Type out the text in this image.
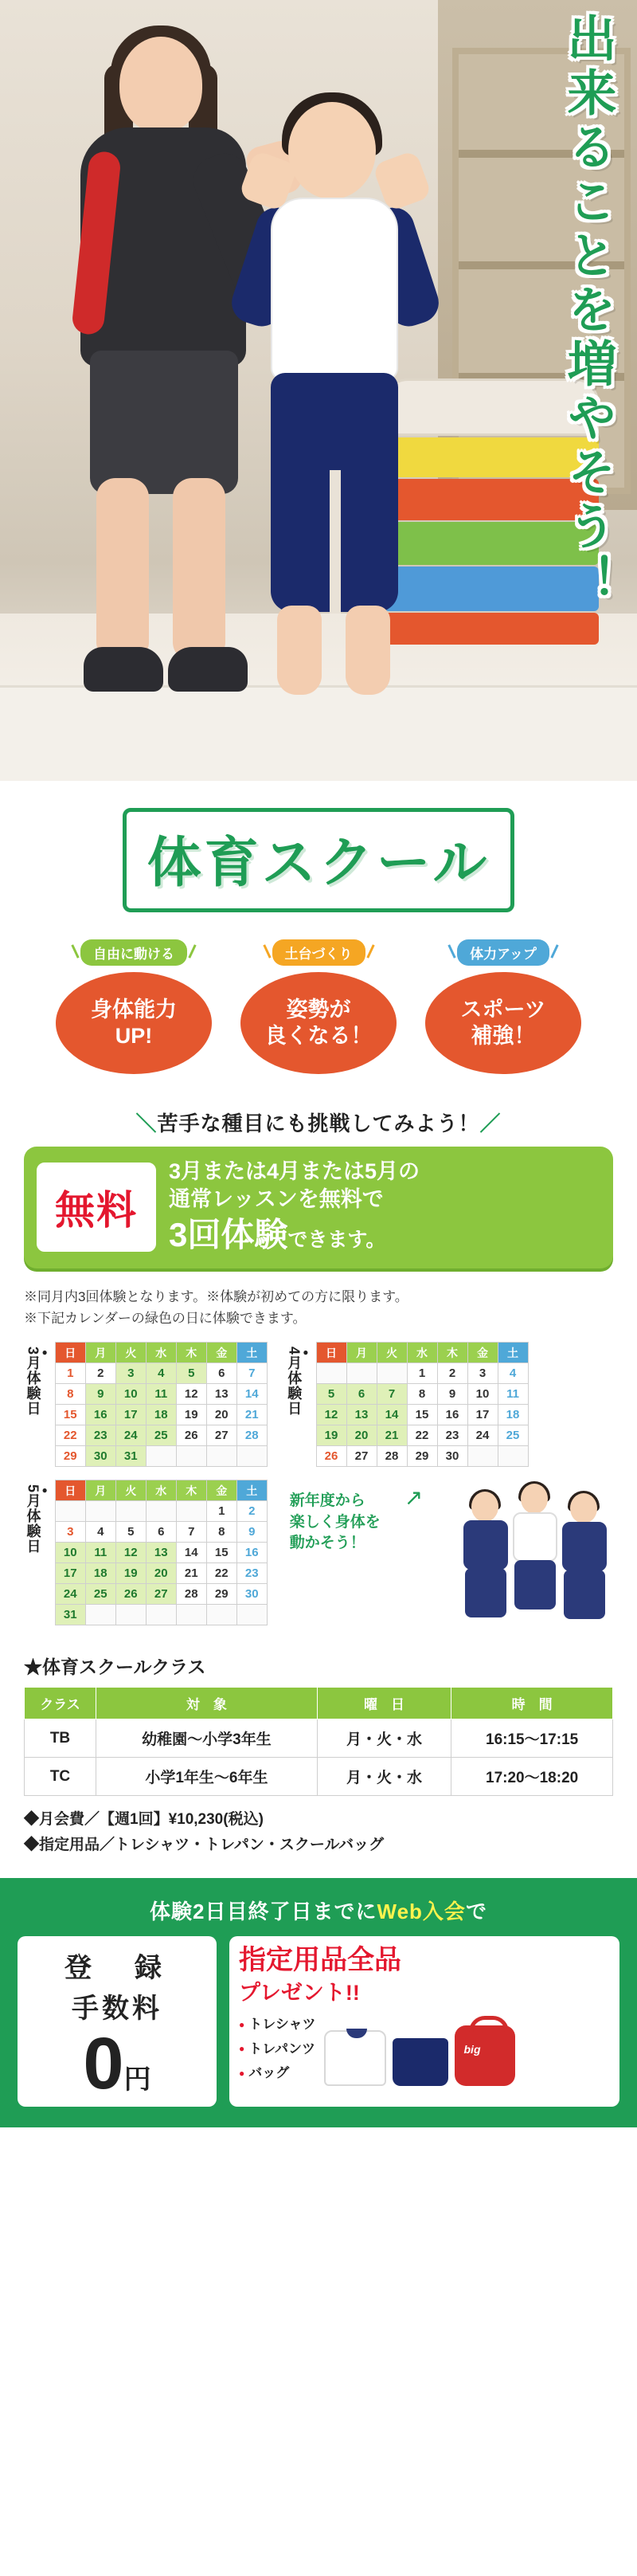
出来ることを増やそう！
体育スクール
自由に動ける
身体能力
UP!
土台づくり
姿勢が
良くなる！
体力アップ
スポーツ
補強！
＼苦手な種目にも挑戦してみよう！／
無料
3月または4月または5月の
通常レッスンを無料で
3回体験できます。
※同月内3回体験となります。※体験が初めての方に限ります。
※下記カレンダーの緑色の日に体験できます。
●
3月体験日	日	月	火	水	木	金	土
1	2	3	4	5	6	7
8	9	10	11	12	13	14
15	16	17	18	19	20	21
22	23	24	25	26	27	28
29	30	31				
●
4月体験日	日	月	火	水	木	金	土
			1	2	3	4
5	6	7	8	9	10	11
12	13	14	15	16	17	18
19	20	21	22	23	24	25
26	27	28	29	30		
●
5月体験日	日	月	火	水	木	金	土
					1	2
3	4	5	6	7	8	9
10	11	12	13	14	15	16
17	18	19	20	21	22	23
24	25	26	27	28	29	30
31						
↗
新年度から
楽しく身体を
動かそう！
★体育スクールクラス
クラス	対　象	曜　日	時　間
TB	幼稚園～小学3年生	月・火・水	16:15～17:15
TC	小学1年生～6年生	月・火・水	17:20～18:20
◆月会費／【週1回】¥10,230(税込)
◆指定用品／トレシャツ・トレパン・スクールバッグ
体験2日目終了日までにWeb入会で
登　録
手数料
0円
指定用品全品
プレゼント!!
● トレシャツ
● トレパンツ
● バッグ
big
